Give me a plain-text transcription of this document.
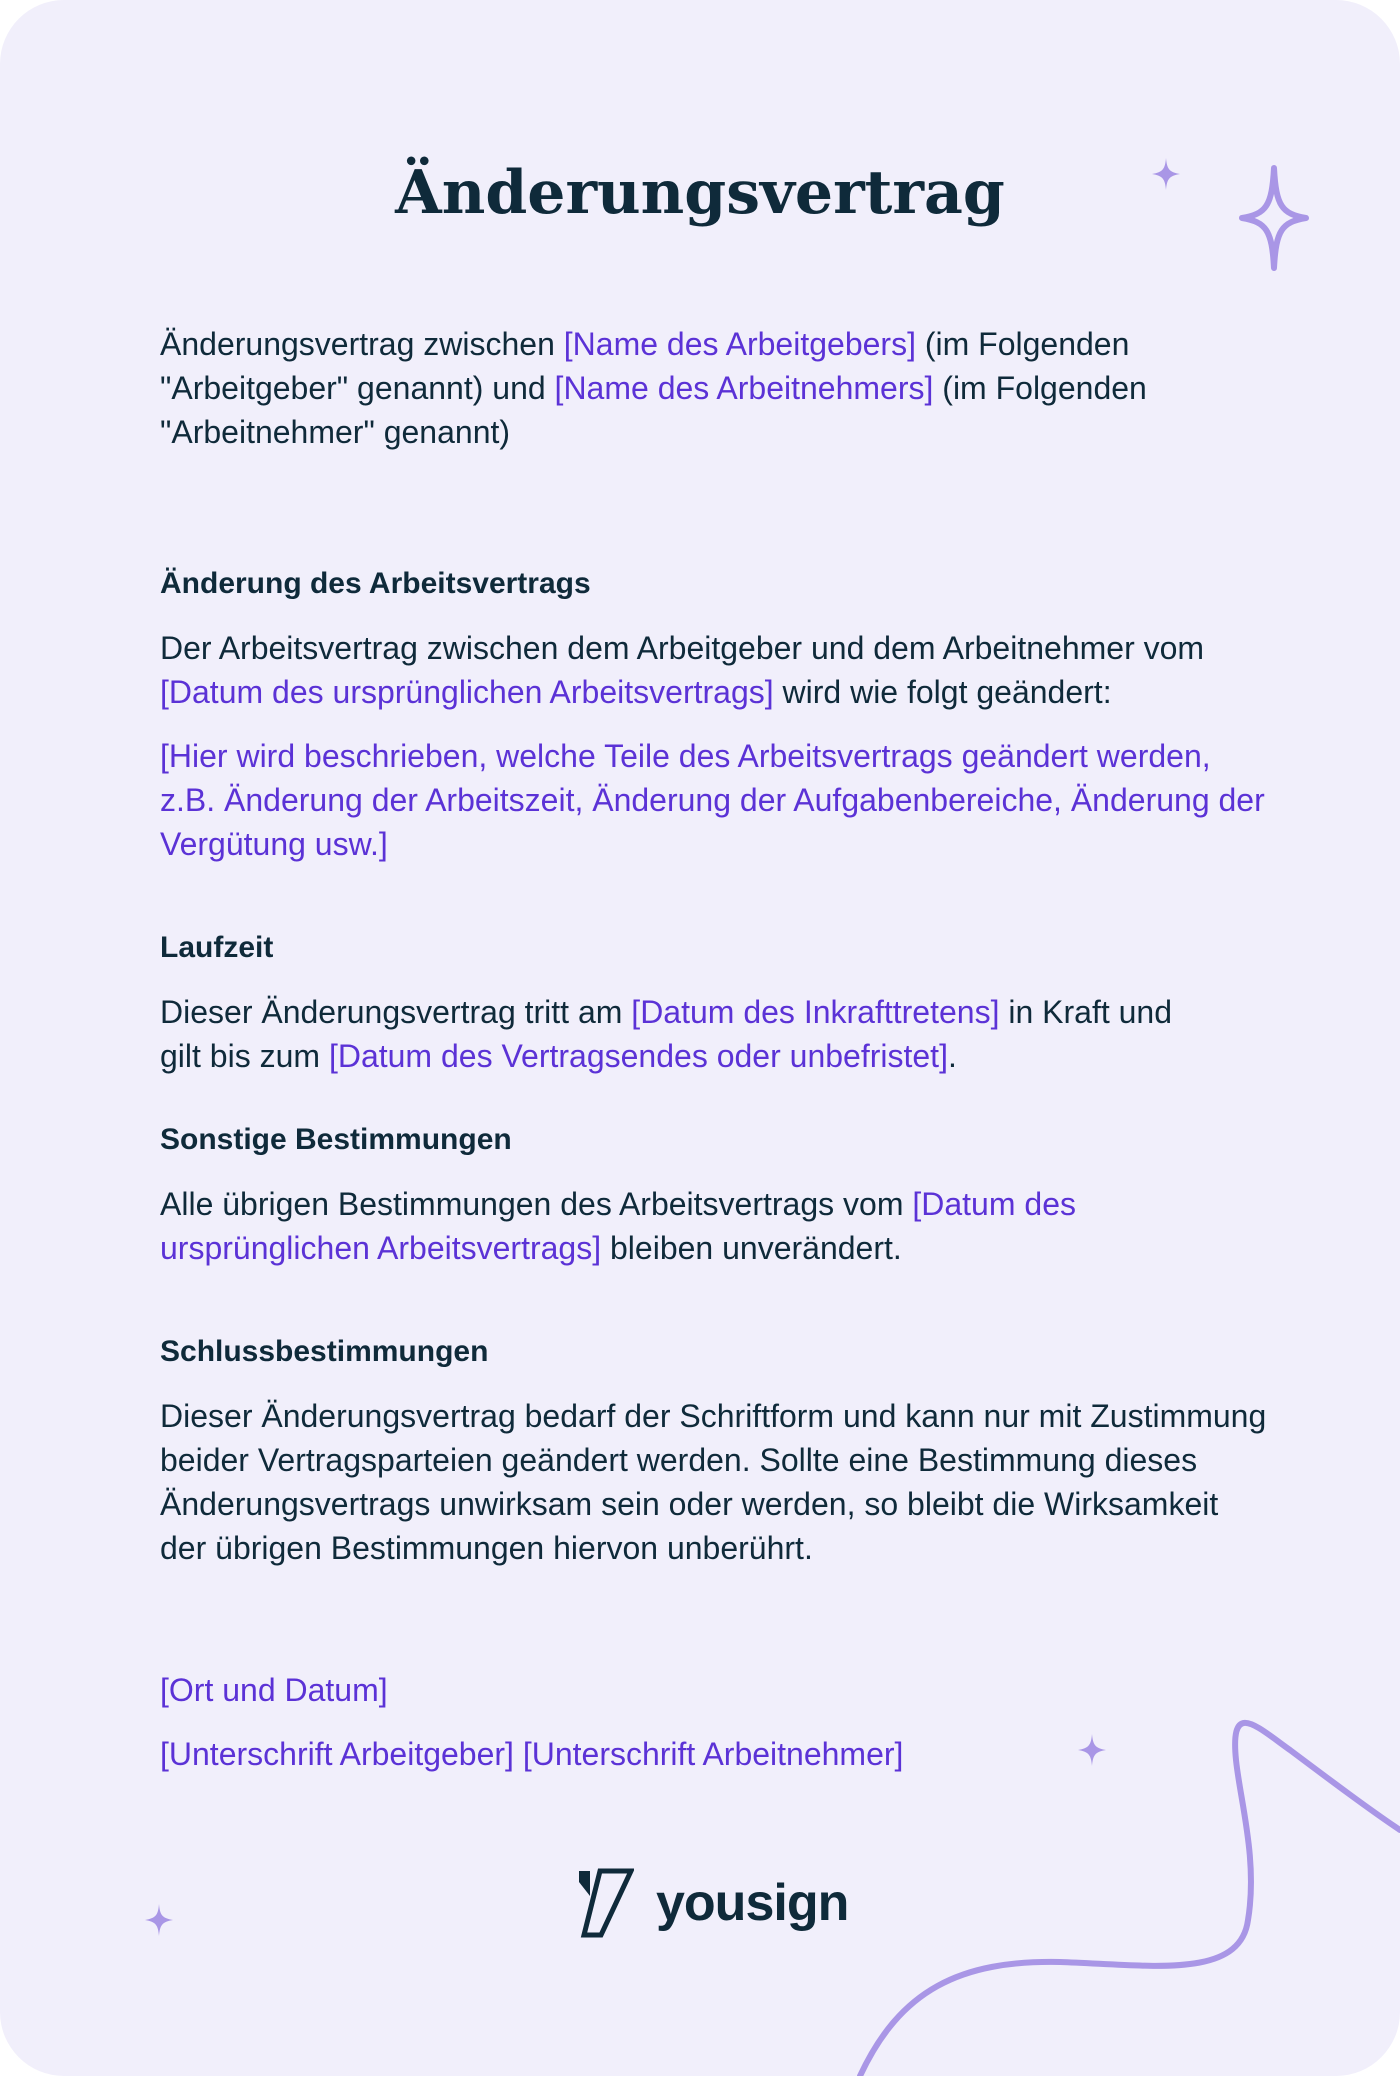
Änderungsvertrag

Änderungsvertrag zwischen [Name des Arbeitgebers] (im Folgenden "Arbeitgeber" genannt) und [Name des Arbeitnehmers] (im Folgenden "Arbeitnehmer" genannt)

Änderung des Arbeitsvertrags

Der Arbeitsvertrag zwischen dem Arbeitgeber und dem Arbeitnehmer vom [Datum des ursprünglichen Arbeitsvertrags] wird wie folgt geändert:

[Hier wird beschrieben, welche Teile des Arbeitsvertrags geändert werden, z.B. Änderung der Arbeitszeit, Änderung der Aufgabenbereiche, Änderung der Vergütung usw.]

Laufzeit

Dieser Änderungsvertrag tritt am [Datum des Inkrafttretens] in Kraft und gilt bis zum [Datum des Vertragsendes oder unbefristet].

Sonstige Bestimmungen

Alle übrigen Bestimmungen des Arbeitsvertrags vom [Datum des ursprünglichen Arbeitsvertrags] bleiben unverändert.

Schlussbestimmungen

Dieser Änderungsvertrag bedarf der Schriftform und kann nur mit Zustimmung beider Vertragsparteien geändert werden. Sollte eine Bestimmung dieses Änderungsvertrags unwirksam sein oder werden, so bleibt die Wirksamkeit der übrigen Bestimmungen hiervon unberührt.

[Ort und Datum]

[Unterschrift Arbeitgeber] [Unterschrift Arbeitnehmer]

yousign
